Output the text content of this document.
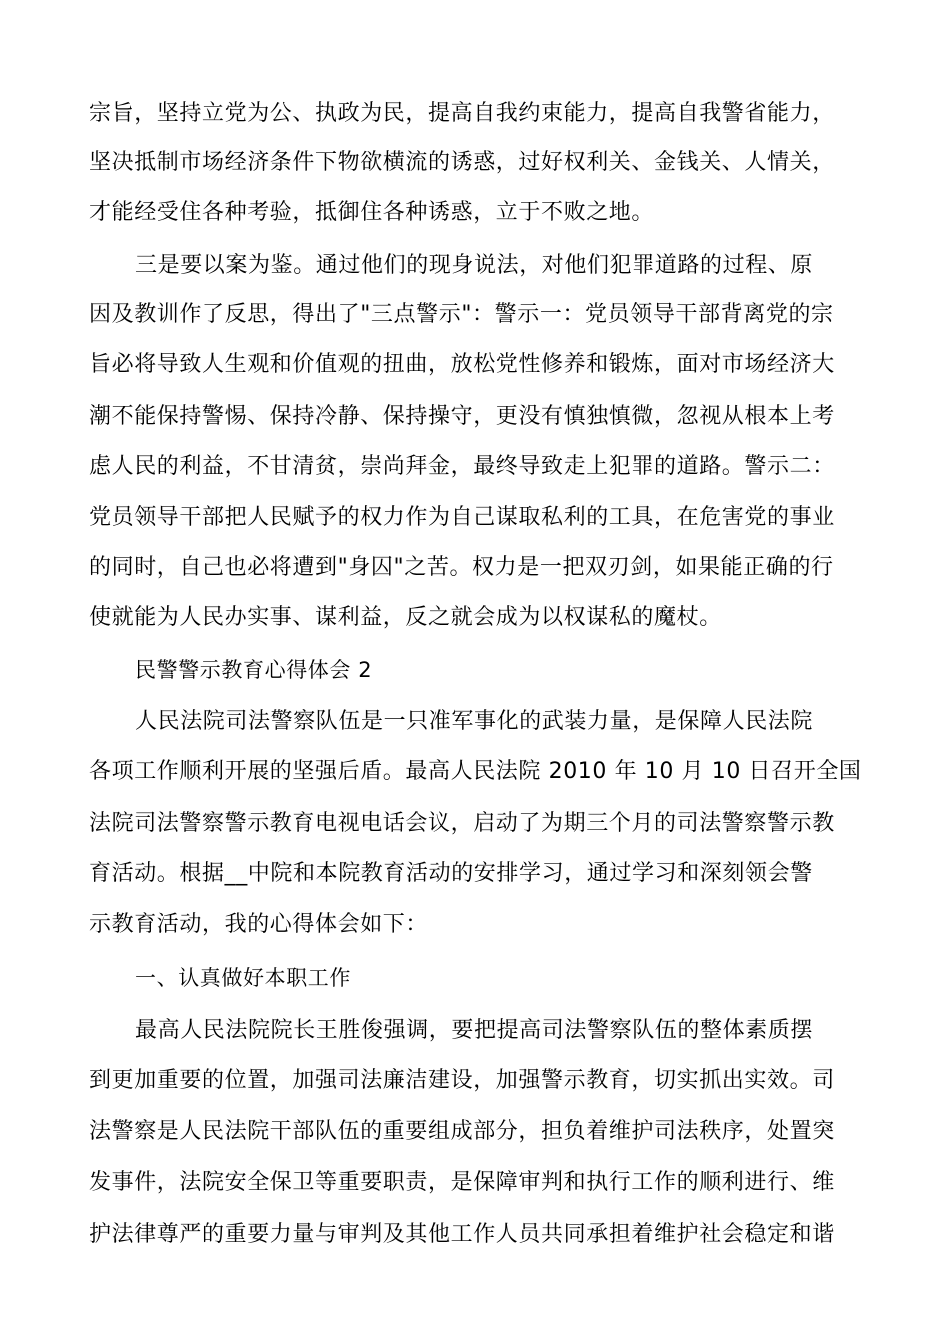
宗旨，坚持立党为公、执政为民，提高自我约束能力，提高自我警省能力，
坚决抵制市场经济条件下物欲横流的诱惑，过好权利关、金钱关、人情关，
才能经受住各种考验，抵御住各种诱惑，立于不败之地。
三是要以案为鉴。通过他们的现身说法，对他们犯罪道路的过程、原
因及教训作了反思，得出了"三点警示"：警示一：党员领导干部背离党的宗
旨必将导致人生观和价值观的扭曲，放松党性修养和锻炼，面对市场经济大
潮不能保持警惕、保持冷静、保持操守，更没有慎独慎微，忽视从根本上考
虑人民的利益，不甘清贫，崇尚拜金，最终导致走上犯罪的道路。警示二：
党员领导干部把人民赋予的权力作为自己谋取私利的工具，在危害党的事业
的同时，自己也必将遭到"身囚"之苦。权力是一把双刃剑，如果能正确的行
使就能为人民办实事、谋利益，反之就会成为以权谋私的魔杖。
民警警示教育心得体会 2
人民法院司法警察队伍是一只准军事化的武装力量，是保障人民法院
各项工作顺利开展的坚强后盾。最高人民法院 2010 年 10 月 10 日召开全国
法院司法警察警示教育电视电话会议，启动了为期三个月的司法警察警示教
育活动。根据__中院和本院教育活动的安排学习，通过学习和深刻领会警
示教育活动，我的心得体会如下：
一、认真做好本职工作
最高人民法院院长王胜俊强调，要把提高司法警察队伍的整体素质摆
到更加重要的位置，加强司法廉洁建设，加强警示教育，切实抓出实效。司
法警察是人民法院干部队伍的重要组成部分，担负着维护司法秩序，处置突
发事件，法院安全保卫等重要职责，是保障审判和执行工作的顺利进行、维
护法律尊严的重要力量与审判及其他工作人员共同承担着维护社会稳定和谐
